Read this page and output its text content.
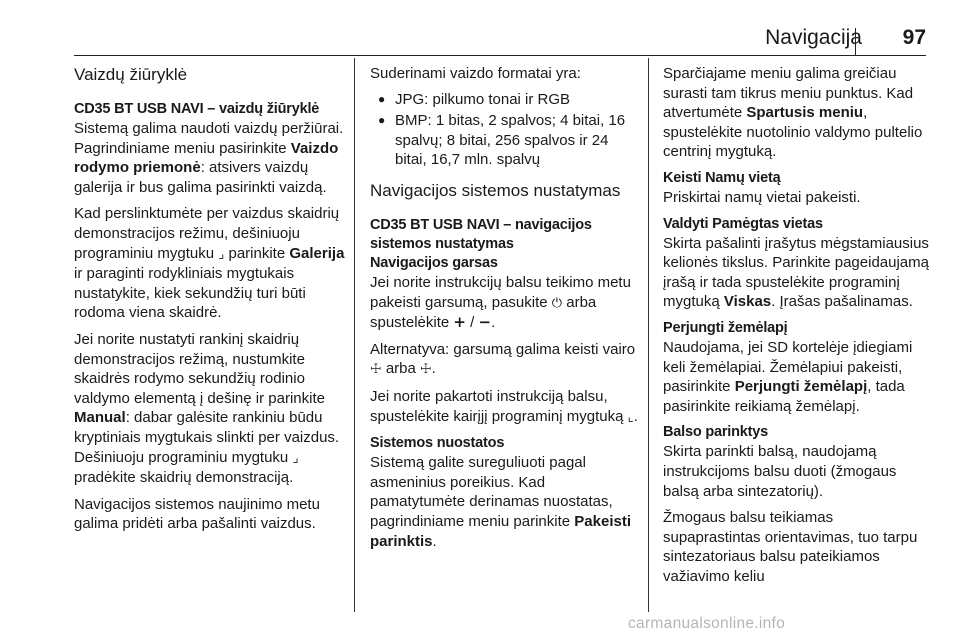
Navigacija 97
Vaizdų žiūryklė
CD35 BT USB NAVI – vaizdų žiūryklė

Sistemą galima naudoti vaizdų peržiūrai. Pagrindiniame meniu pasirinkite Vaizdo rodymo priemonė: atsivers vaizdų galerija ir bus galima pasirinkti vaizdą.

Kad perslinktumėte per vaizdus skaidrių demonstracijos režimu, dešiniuoju programiniu mygtuku ⌟ parinkite Galerija ir paraginti rodykliniais mygtukais nustatykite, kiek sekundžių turi būti rodoma viena skaidrė.

Jei norite nustatyti rankinį skaidrių demonstracijos režimą, nustumkite skaidrės rodymo sekundžių rodinio valdymo elementą į dešinę ir parinkite Manual: dabar galėsite rankiniu būdu kryptiniais mygtukais slinkti per vaizdus. Dešiniuoju programiniu mygtuku ⌟ pradėkite skaidrių demonstraciją.

Navigacijos sistemos naujinimo metu galima pridėti arba pašalinti vaizdus.

Suderinami vaizdo formatai yra:

● JPG: pilkumo tonai ir RGB
● BMP: 1 bitas, 2 spalvos; 4 bitai, 16 spalvų; 8 bitai, 256 spalvos ir 24 bitai, 16,7 mln. spalvų
Navigacijos sistemos nustatymas
CD35 BT USB NAVI – navigacijos sistemos nustatymas
Navigacijos garsas

Jei norite instrukcijų balsu teikimo metu pakeisti garsumą, pasukite ⏻ arba spustelėkite + / −.

Alternatyva: garsumą galima keisti vairo ☩ arba ☩.

Jei norite pakartoti instrukciją balsu, spustelėkite kairįjį programinį mygtuką ⌞.

Sistemos nuostatos

Sistemą galite sureguliuoti pagal asmeninius poreikius. Kad pamatytumėte derinamas nuostatas, pagrindiniame meniu parinkite Pakeisti parinktis.

Sparčiajame meniu galima greičiau surasti tam tikrus meniu punktus. Kad atvertumėte Spartusis meniu, spustelėkite nuotolinio valdymo pultelio centrinį mygtuką.

Keisti Namų vietą

Priskirtai namų vietai pakeisti.

Valdyti Pamėgtas vietas

Skirta pašalinti įrašytus mėgstamiausius kelionės tikslus. Parinkite pageidaujamą įrašą ir tada spustelėkite programinį mygtuką Viskas. Įrašas pašalinamas.

Perjungti žemėlapį

Naudojama, jei SD kortelėje įdiegiami keli žemėlapiai. Žemėlapiui pakeisti, pasirinkite Perjungti žemėlapį, tada pasirinkite reikiamą žemėlapį.

Balso parinktys

Skirta parinkti balsą, naudojamą instrukcijoms balsu duoti (žmogaus balsą arba sintezatorių).

Žmogaus balsu teikiamas supaprastintas orientavimas, tuo tarpu sintezatoriaus balsu pateikiamos važiavimo keliu

carmanualsonline.info
